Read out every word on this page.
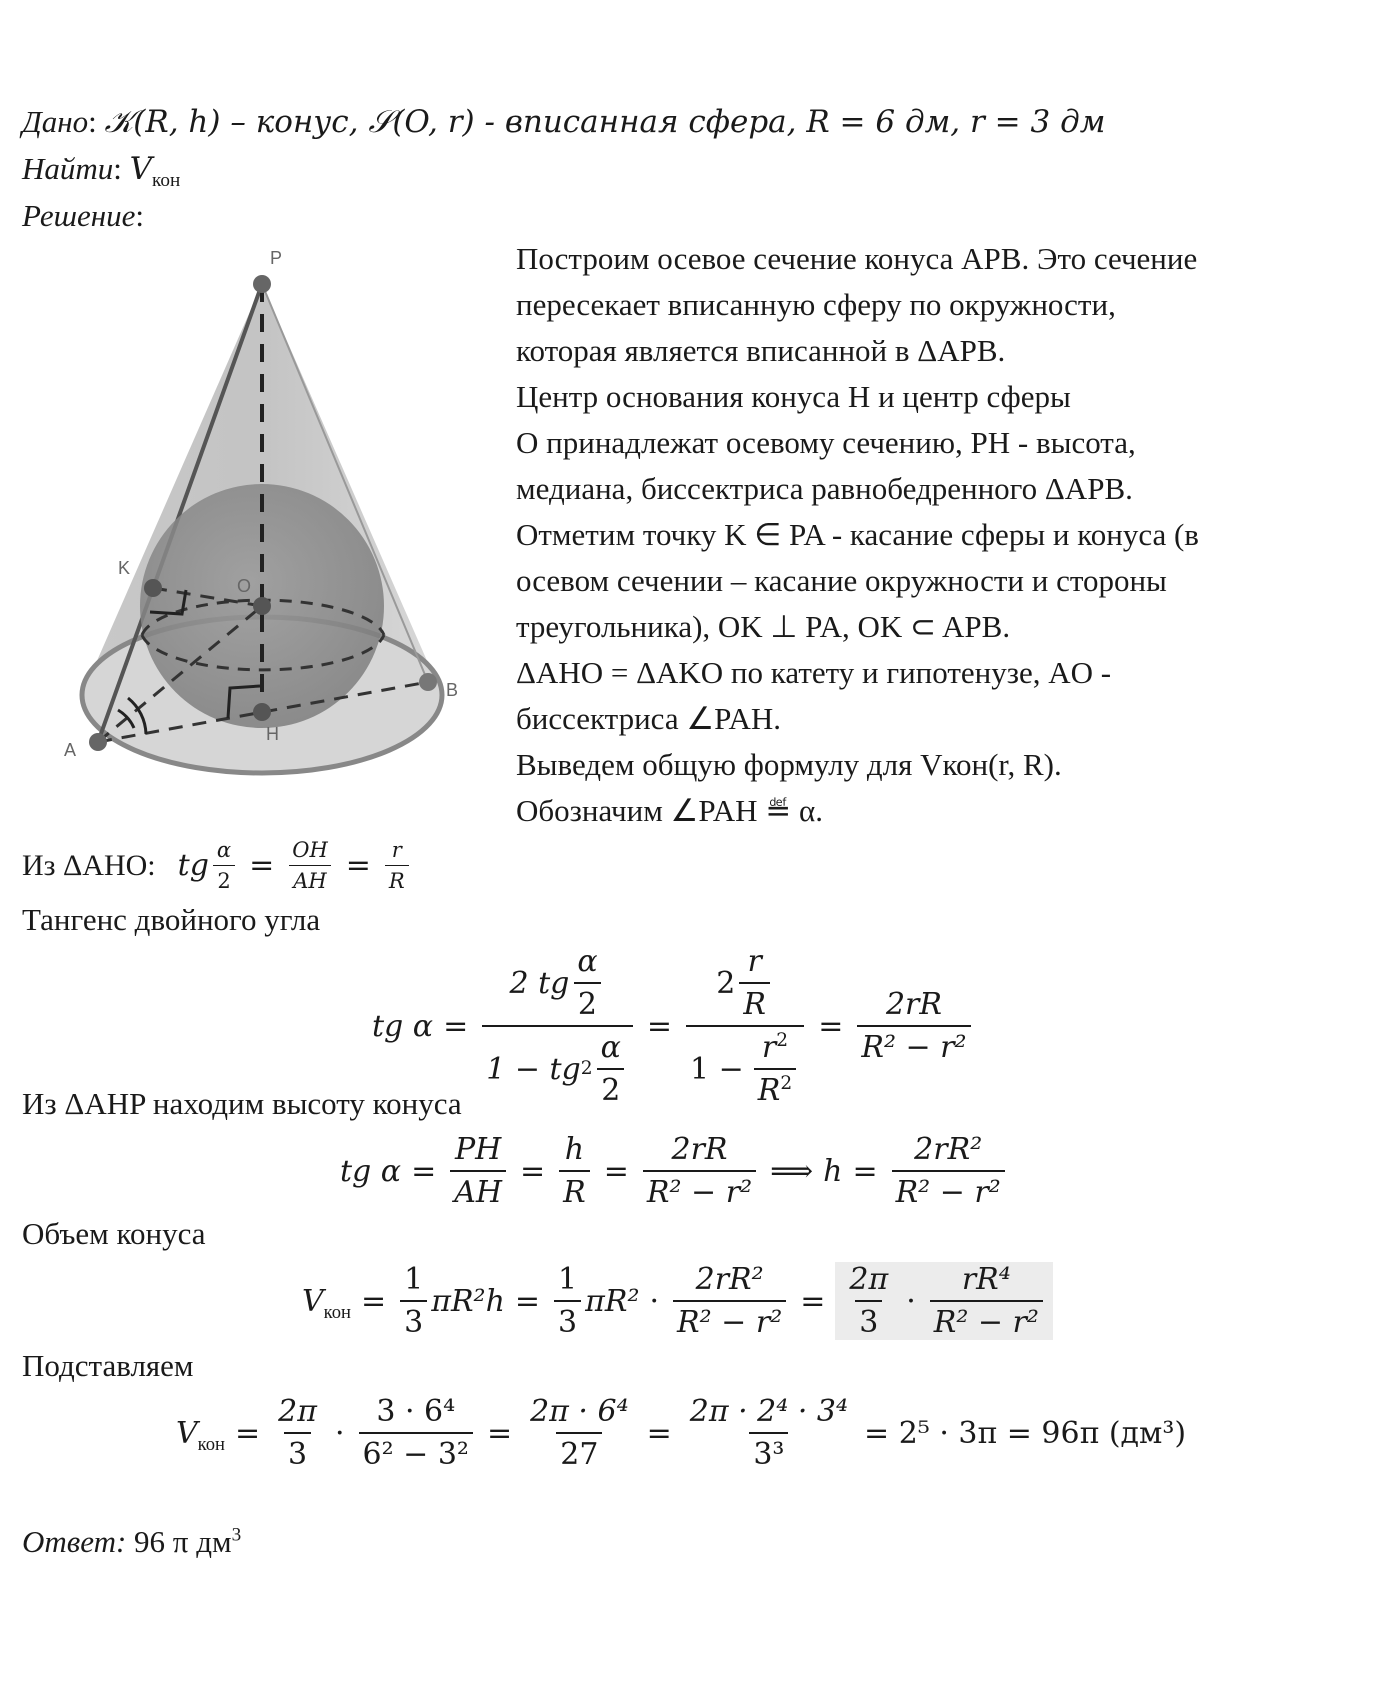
Дано: 𝒦(R, h) – конус, 𝒮(O, r) - вписанная сфера, R = 6 дм, r = 3 дм
Найти: $V_{кон}$
Решение:
P
K
O
B
A
H

Построим осевое сечение конуса APB. Это сечение

пересекает вписанную сферу по окружности,

которая является вписанной в ΔAPB.

Центр основания конуса H и центр сферы

O принадлежат осевому сечению, PH - высота,

медиана, биссектриса равнобедренного ΔAPB.

Отметим точку K ∈ PA - касание сферы и конуса (в

осевом сечении – касание окружности и стороны

треугольника), OK ⊥ PA, OK ⊂ APB.

ΔAHO = ΔAKO по катету и гипотенузе, AO -

биссектриса ∠PAH.

Выведем общую формулу для Vкон(r, R).

Обозначим ∠PAH ≝ α.

Из ΔAHO: tg $\frac{\alpha}{2} = \frac{OH}{AH} = \frac{r}{R}$
Тангенс двойного угла
tg $\alpha = \frac{2 tg \frac{\alpha}{2}}{1 - tg 2 \frac{\alpha}{2}} = \frac{2 \frac{r}{R}}{1 - \frac{r^2}{R^2}} = \frac{2rR}{\text{R² − r²}}$
Из ΔAHP находим высоту конуса
tg $\alpha = \frac{PH}{AH} = \frac{h}{R} = \frac{2rR}{\text{R² − r²}}$ ⟹ $h = \frac{\text{2rR²}}{\text{R² − r²}}$
Объем конуса
$V_{кон} = \frac{1}{3} \pi R^2h = \frac{1}{3} \pi R^2 \cdot \frac{\text{2rR²}}{\text{R² − r²}} = \frac{2\pi}{3} \cdot \frac{\text{rR⁴}}{\text{R² − r²}}$
Подставляем
$V_{кон} = \frac{2\pi}{3} \cdot \frac{\text{3 · 6⁴}}{\text{6² − 3²}} = \frac{\text{2π · 6⁴}}{27} = \frac{\text{2π · 2⁴ · 3⁴}}{\text{3³}} = 2^5 \cdot 3\pi = 96\pi$ (дм³)
Ответ: 96 π $дм^3$
